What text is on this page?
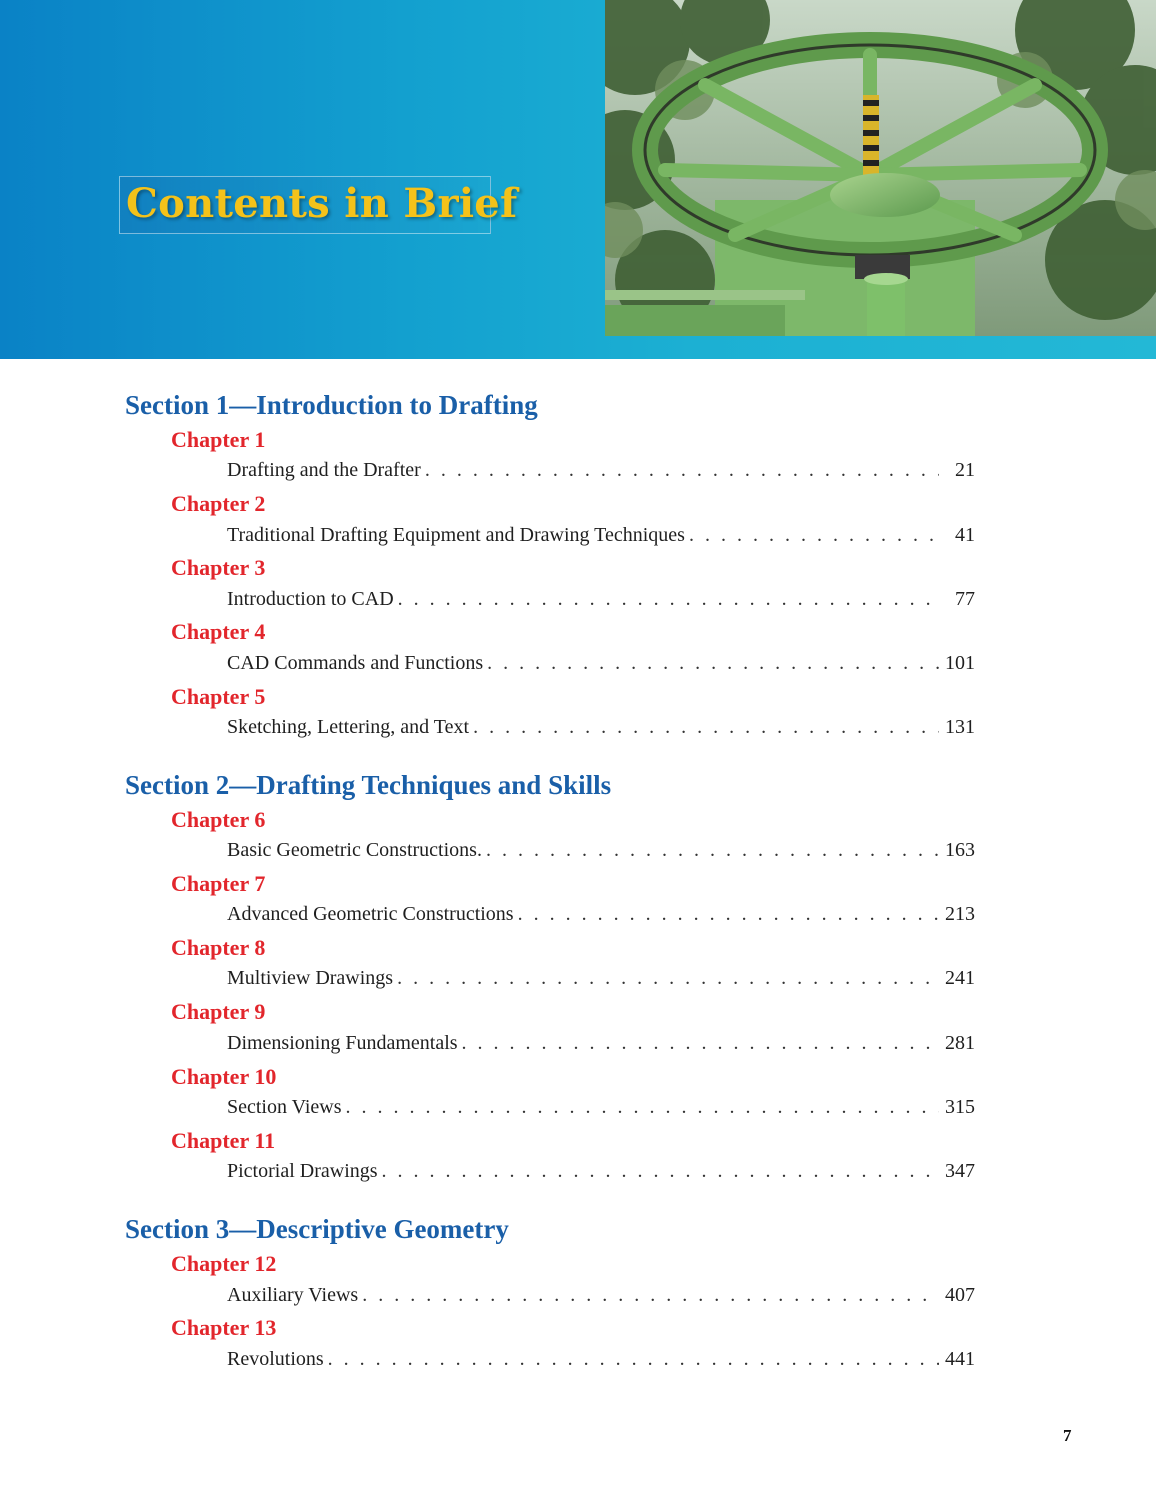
Contents in Brief
Section 1—Introduction to Drafting
Chapter 1
Drafting and the Drafter . . .	21
Chapter 2
Traditional Drafting Equipment and Drawing Techniques . . .	41
Chapter 3
Introduction to CAD . . .	77
Chapter 4
CAD Commands and Functions . . .	101
Chapter 5
Sketching, Lettering, and Text . . .	131
Section 2—Drafting Techniques and Skills
Chapter 6
Basic Geometric Constructions. . . .	163
Chapter 7
Advanced Geometric Constructions . . .	213
Chapter 8
Multiview Drawings . . .	241
Chapter 9
Dimensioning Fundamentals . . .	281
Chapter 10
Section Views . . .	315
Chapter 11
Pictorial Drawings . . .	347
Section 3—Descriptive Geometry
Chapter 12
Auxiliary Views . . .	407
Chapter 13
Revolutions . . .	441
7
